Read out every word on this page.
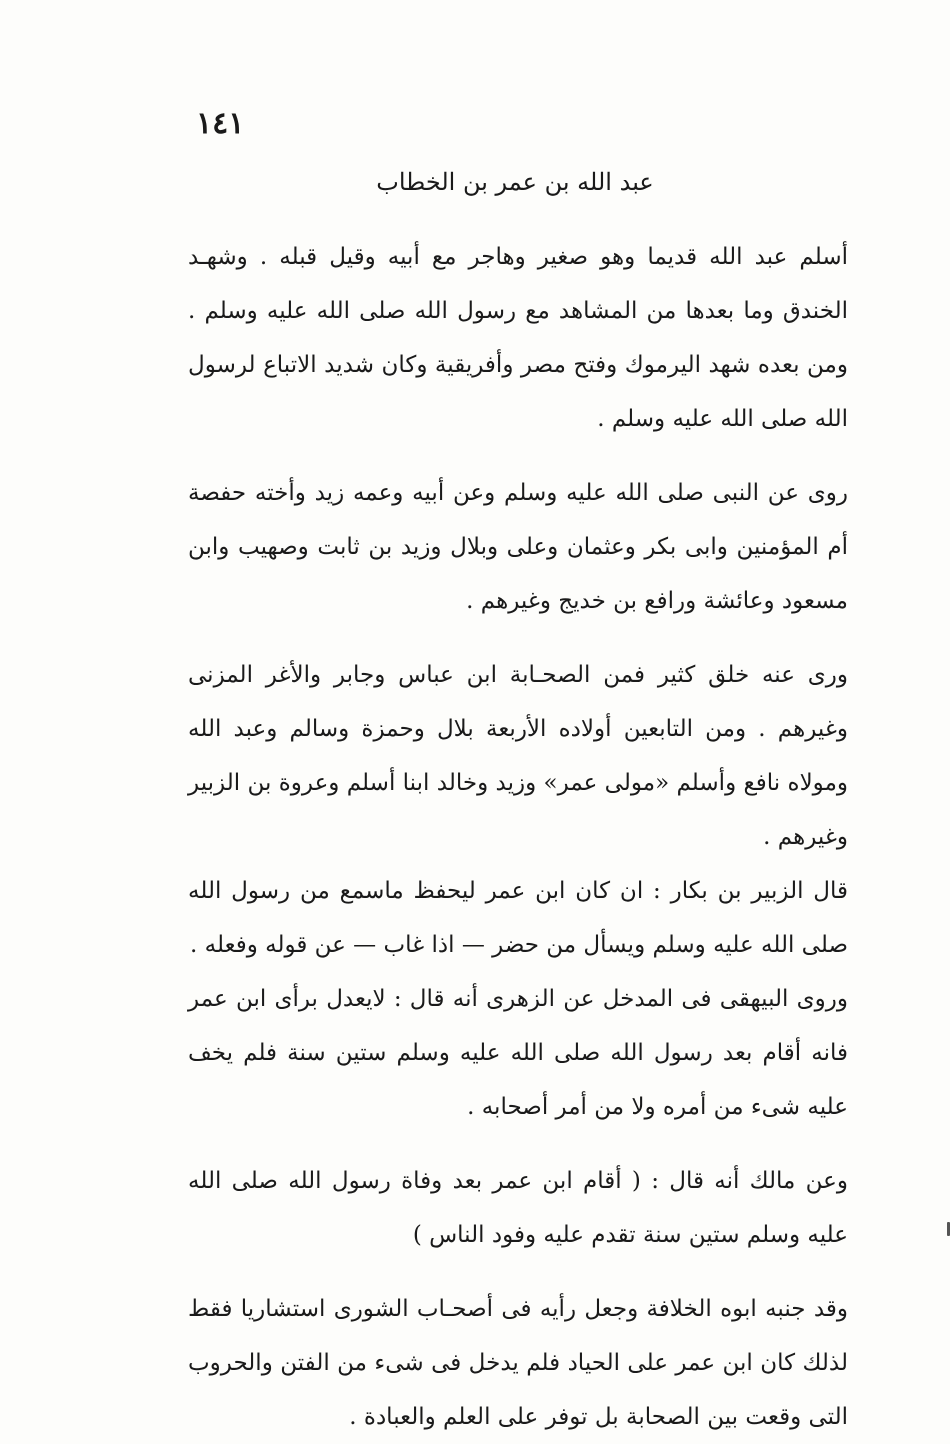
١٤١
عبد الله بن عمر بن الخطاب

أسلم عبد الله قديما وهو صغير وهاجر مع أبيه وقيل قبله . وشهـد الخندق وما بعدها من المشاهد مع رسول الله صلى الله عليه وسلم . ومن بعده شهد اليرموك وفتح مصر وأفريقية وكان شديد الاتباع لرسول الله صلى الله عليه وسلم .

روى عن النبى صلى الله عليه وسلم وعن أبيه وعمه زيد وأخته حفصة أم المؤمنين وابى بكر وعثمان وعلى وبلال وزيد بن ثابت وصهيب وابن مسعود وعائشة ورافع بن خديج وغيرهم .

ورى عنه خلق كثير فمن الصحـابة ابن عباس وجابر والأغر المزنى وغيرهم . ومن التابعين أولاده الأربعة بلال وحمزة وسالم وعبد الله ومولاه نافع وأسلم «مولى عمر» وزيد وخالد ابنا أسلم وعروة بن الزبير وغيرهم .

قال الزبير بن بكار : ان كان ابن عمر ليحفظ ماسمع من رسول الله صلى الله عليه وسلم ويسأل من حضر — اذا غاب — عن قوله وفعله .

وروى البيهقى فى المدخل عن الزهرى أنه قال : لايعدل برأى ابن عمر فانه أقام بعد رسول الله صلى الله عليه وسلم ستين سنة فلم يخف عليه شىء من أمره ولا من أمر أصحابه .

وعن مالك أنه قال : ( أقام ابن عمر بعد وفاة رسول الله صلى الله عليه وسلم ستين سنة تقدم عليه وفود الناس )

وقد جنبه ابوه الخلافة وجعل رأيه فى أصحـاب الشورى استشاريا فقط لذلك كان ابن عمر على الحياد فلم يدخل فى شىء من الفتن والحروب التى وقعت بين الصحابة بل توفر على العلم والعبادة .
